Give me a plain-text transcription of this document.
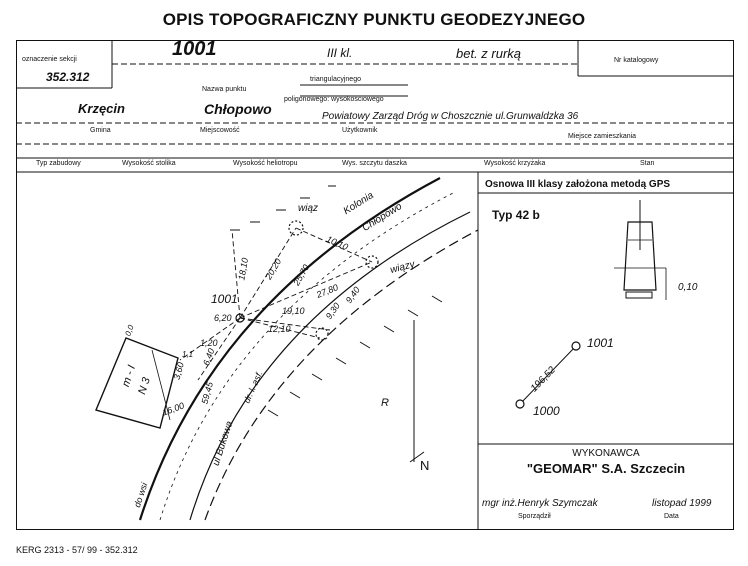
OPIS TOPOGRAFICZNY PUNKTU GEODEZYJNEGO
oznaczenie sekcji
352.312
1001	III kl.	bet. z rurką	Nr katalogowy
Nazwa punktu
triangulacyjnego
poligonowego: wysokościowego
Krzęcin	Chłopowo	Powiatowy Zarząd Dróg w Choszcznie ul.Grunwaldzka 36
Gmina	Miejscowość	Użytkownik
Miejsce zamieszkania
Typ zabudowy	Wysokość stolika	Wysokość heliotropu	Wys. szczytu daszka	Wysokość krzyżaka	Stan
wiąz
wiązy
Kolonia
Chłopowo
ul Bukowa
dr. l. asf.
do wsi
m - I
N 3
1001
R
N
18,10 20,20
10,10
25,70
27,80
19,10
12,10
6,20	9,30
9,40
1,20
6,40
3,60
16,00
59,45
0,0
1,1
Osnowa III klasy założona metodą GPS
Typ 42 b
0,10
1001
1000
196,52
WYKONAWCA
"GEOMAR" S.A. Szczecin
mgr inż.Henryk Szymczak	listopad 1999
Sporządził	Data
KERG 2313 - 57/ 99 - 352.312
